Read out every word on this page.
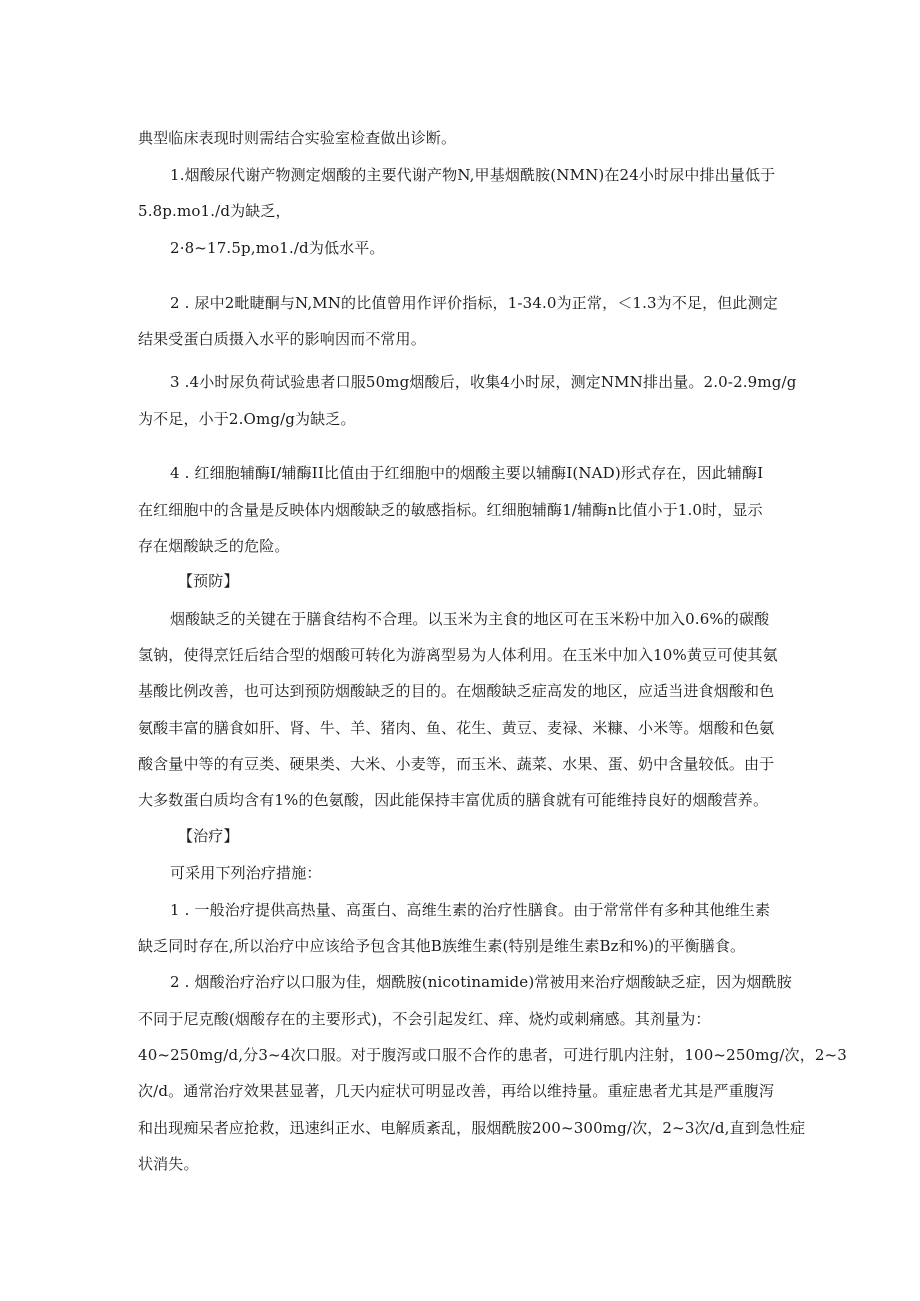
典型临床表现时则需结合实验室检查做出诊断。

1.烟酸尿代谢产物测定烟酸的主要代谢产物N,甲基烟酰胺(NMN)在24小时尿中排出量低于

5.8p.mo1./d为缺乏，

2·8~17.5p,mo1./d为低水平。

2 . 尿中2毗睫酮与N,MN的比值曾用作评价指标，1-34.0为正常，＜1.3为不足，但此测定

结果受蛋白质摄入水平的影响因而不常用。

3 .4小时尿负荷试验患者口服50mg烟酸后，收集4小时尿，测定NMN排出量。2.0-2.9mg/g

为不足，小于2.Omg/g为缺乏。

4 . 红细胞辅酶I/辅酶II比值由于红细胞中的烟酸主要以辅酶I(NAD)形式存在，因此辅酶I

在红细胞中的含量是反映体内烟酸缺乏的敏感指标。红细胞辅酶1/辅酶n比值小于1.0时，显示

存在烟酸缺乏的危险。

【预防】

烟酸缺乏的关键在于膳食结构不合理。以玉米为主食的地区可在玉米粉中加入0.6%的碳酸

氢钠，使得烹饪后结合型的烟酸可转化为游离型易为人体利用。在玉米中加入10%黄豆可使其氨

基酸比例改善，也可达到预防烟酸缺乏的目的。在烟酸缺乏症高发的地区，应适当进食烟酸和色

氨酸丰富的膳食如肝、肾、牛、羊、猪肉、鱼、花生、黄豆、麦禄、米糠、小米等。烟酸和色氨

酸含量中等的有豆类、硬果类、大米、小麦等，而玉米、蔬菜、水果、蛋、奶中含量较低。由于

大多数蛋白质均含有1%的色氨酸，因此能保持丰富优质的膳食就有可能维持良好的烟酸营养。

【治疗】

可采用下列治疗措施：

1 . 一般治疗提供高热量、高蛋白、高维生素的治疗性膳食。由于常常伴有多种其他维生素

缺乏同时存在,所以治疗中应该给予包含其他B族维生素(特别是维生素Bz和%)的平衡膳食。

2 . 烟酸治疗治疗以口服为佳，烟酰胺(nicotinamide)常被用来治疗烟酸缺乏症，因为烟酰胺

不同于尼克酸(烟酸存在的主要形式)，不会引起发红、痒、烧灼或刺痛感。其剂量为：

40~250mg/d,分3~4次口服。对于腹泻或口服不合作的患者，可进行肌内注射，100~250mg/次，2~3

次/d。通常治疗效果甚显著，几天内症状可明显改善，再给以维持量。重症患者尤其是严重腹泻

和出现痴呆者应抢救，迅速纠正水、电解质紊乱，服烟酰胺200~300mg/次，2~3次/d,直到急性症

状消失。
